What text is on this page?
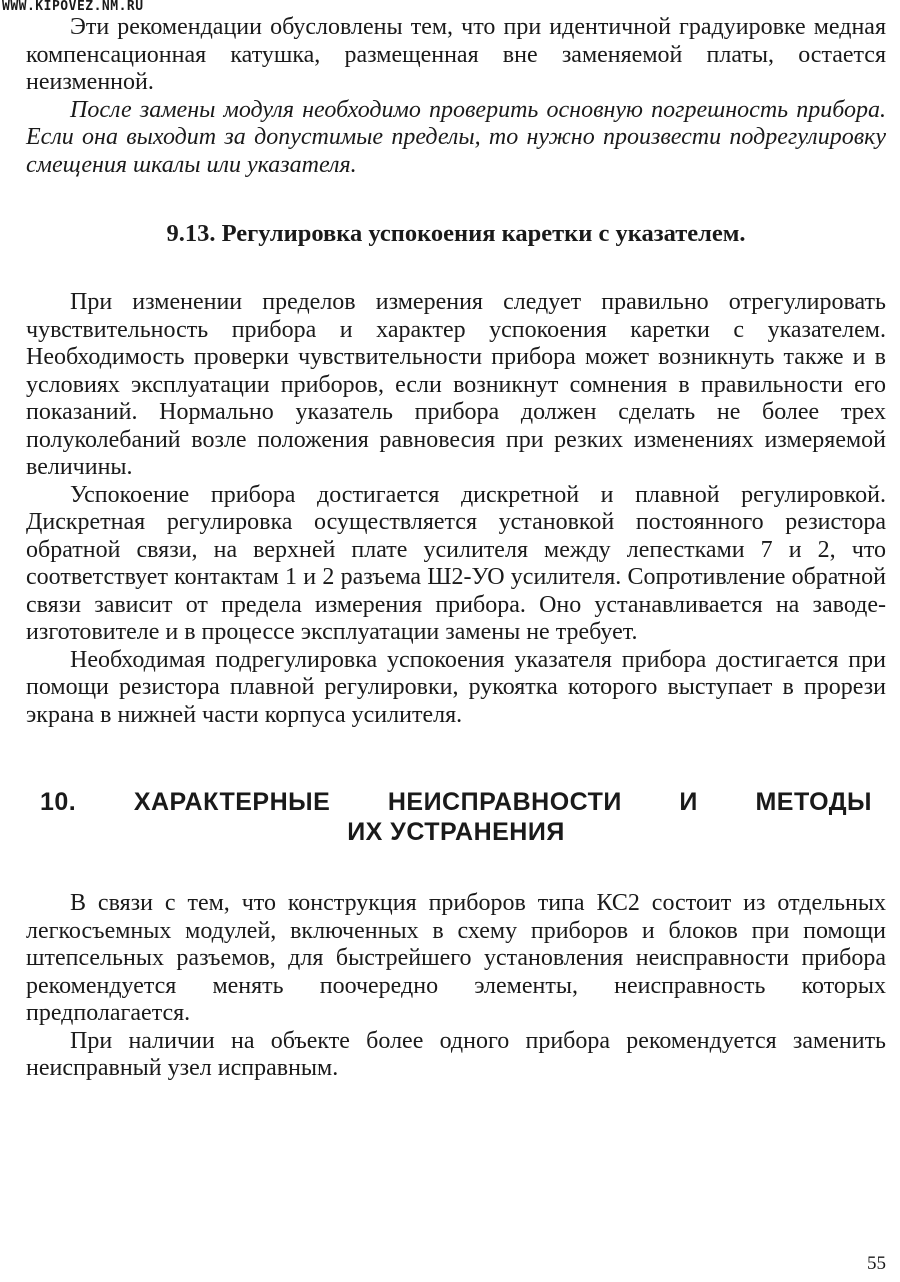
WWW.KIPOVEZ.NM.RU

Эти рекомендации обусловлены тем, что при идентичной градуировке медная компенсационная катушка, размещенная вне заменяемой платы, остается неизменной.

После замены модуля необходимо проверить основную погрешность прибора. Если она выходит за допустимые пределы, то нужно произвести подрегулировку смещения шкалы или указателя.

9.13. Регулировка успокоения каретки с указателем.

При изменении пределов измерения следует правильно отрегулировать чувствительность прибора и характер успокоения каретки с указателем. Необходимость проверки чувствительности прибора может возникнуть также и в условиях эксплуатации приборов, если возникнут сомнения в правильности его показаний. Нормально указатель прибора должен сделать не более трех полуколебаний возле положения равновесия при резких изменениях измеряемой величины.

Успокоение прибора достигается дискретной и плавной регулировкой. Дискретная регулировка осуществляется установкой постоянного резистора обратной связи, на верхней плате усилителя между лепестками 7 и 2, что соответствует контактам 1 и 2 разъема Ш2-УО усилителя. Сопротивление обратной связи зависит от предела измерения прибора. Оно устанавливается на заводе-изготовителе и в процессе эксплуатации замены не требует.

Необходимая подрегулировка успокоения указателя прибора достигается при помощи резистора плавной регулировки, рукоятка которого выступает в прорези экрана в нижней части корпуса усилителя.

10. ХАРАКТЕРНЫЕ НЕИСПРАВНОСТИ И МЕТОДЫ
ИХ УСТРАНЕНИЯ

В связи с тем, что конструкция приборов типа КС2 состоит из отдельных легкосъемных модулей, включенных в схему приборов и блоков при помощи штепсельных разъемов, для быстрейшего установления неисправности прибора рекомендуется менять поочередно элементы, неисправность которых предполагается.

При наличии на объекте более одного прибора рекомендуется заменить неисправный узел исправным.

55
